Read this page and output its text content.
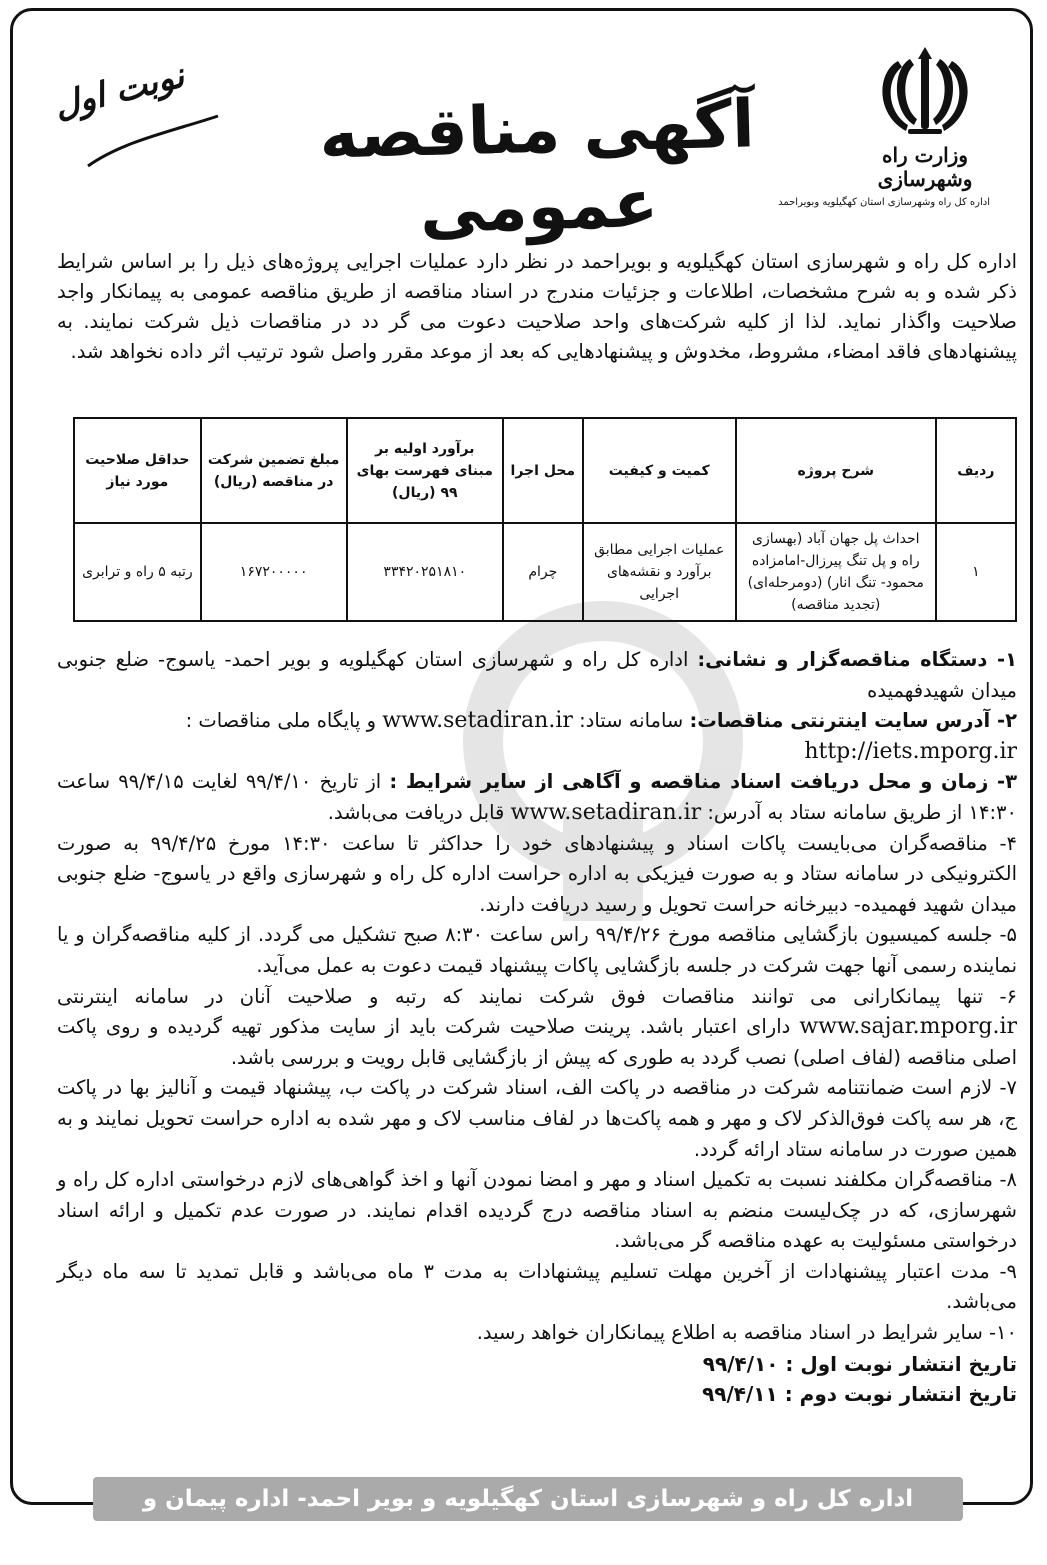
وزارت راه وشهرسازی
اداره کل راه وشهرسازی استان کهگیلویه وبویراحمد
آگهی مناقصه عمومی
نوبت اول
اداره کل راه و شهرسازی استان کهگیلویه و بویراحمد در نظر دارد عملیات اجرایی پروژه‌های ذیل را بر اساس شرایط ذکر شده و به شرح مشخصات، اطلاعات و جزئیات مندرج در اسناد مناقصه از طریق مناقصه عمومی به پیمانکار واجد صلاحیت واگذار نماید. لذا از کلیه شرکت‌های واحد صلاحیت دعوت می گر دد در مناقصات ذیل شرکت نمایند. به پیشنهادهای فاقد امضاء، مشروط، مخدوش و پیشنهادهایی که بعد از موعد مقرر واصل شود ترتیب اثر داده نخواهد شد.
ردیف	شرح پروژه	کمیت و کیفیت	محل اجرا	برآورد اولیه بر مبنای فهرست بهای ۹۹ (ریال)	مبلغ تضمین شرکت در مناقصه (ریال)	حداقل صلاحیت مورد نیاز
۱	احداث پل جهان آباد (بهسازی راه و پل تنگ پیرزال-امامزاده محمود- تنگ انار) (دومرحله‌ای)(تجدید مناقصه)	عملیات اجرایی مطابق برآورد و نقشه‌های اجرایی	چرام	۳۳۴۲۰۲۵۱۸۱۰	۱۶۷۲۰۰۰۰۰	رتبه ۵ راه و ترابری

۱- دستگاه مناقصه‌گزار و نشانی: اداره کل راه و شهرسازی استان کهگیلویه و بویر احمد- یاسوج- ضلع جنوبی میدان شهیدفهمیده

۲- آدرس سایت اینترنتی مناقصات: سامانه ستاد: www.setadiran.ir و پایگاه ملی مناقصات :
http://iets.mporg.ir

۳- زمان و محل دریافت اسناد مناقصه و آگاهی از سایر شرایط : از تاریخ ۹۹/۴/۱۰ لغایت ۹۹/۴/۱۵ ساعت ۱۴:۳۰ از طریق سامانه ستاد به آدرس: www.setadiran.ir قابل دریافت می‌باشد.

۴- مناقصه‌گران می‌بایست پاکات اسناد و پیشنهادهای خود را حداکثر تا ساعت ۱۴:۳۰ مورخ ۹۹/۴/۲۵ به صورت الکترونیکی در سامانه ستاد و به صورت فیزیکی به اداره حراست اداره کل راه و شهرسازی واقع در یاسوج- ضلع جنوبی میدان شهید فهمیده- دبیرخانه حراست تحویل و رسید دریافت دارند.

۵- جلسه کمیسیون بازگشایی مناقصه مورخ ۹۹/۴/۲۶ راس ساعت ۸:۳۰ صبح تشکیل می گردد. از کلیه مناقصه‌گران و یا نماینده رسمی آنها جهت شرکت در جلسه بازگشایی پاکات پیشنهاد قیمت دعوت به عمل می‌آید.

۶- تنها پیمانکارانی می توانند مناقصات فوق شرکت نمایند که رتبه و صلاحیت آنان در سامانه اینترنتی www.sajar.mporg.ir دارای اعتبار باشد. پرینت صلاحیت شرکت باید از سایت مذکور تهیه گردیده و روی پاکت اصلی مناقصه (لفاف اصلی) نصب گردد به طوری که پیش از بازگشایی قابل رویت و بررسی باشد.

۷- لازم است ضمانتنامه شرکت در مناقصه در پاکت الف، اسناد شرکت در پاکت ب، پیشنهاد قیمت و آنالیز بها در پاکت ج، هر سه پاکت فوق‌الذکر لاک و مهر و همه پاکت‌ها در لفاف مناسب لاک و مهر شده به اداره حراست تحویل نمایند و به همین صورت در سامانه ستاد ارائه گردد.

۸- مناقصه‌گران مکلفند نسبت به تکمیل اسناد و مهر و امضا نمودن آنها و اخذ گواهی‌های لازم درخواستی اداره کل راه و شهرسازی، که در چک‌لیست منضم به اسناد مناقصه درج گردیده اقدام نمایند. در صورت عدم تکمیل و ارائه اسناد درخواستی مسئولیت به عهده مناقصه گر می‌باشد.

۹- مدت اعتبار پیشنهادات از آخرین مهلت تسلیم پیشنهادات به مدت ۳ ماه می‌باشد و قابل تمدید تا سه ماه دیگر می‌باشد.

۱۰- سایر شرایط در اسناد مناقصه به اطلاع پیمانکاران خواهد رسید.

تاریخ انتشار نوبت اول : ۹۹/۴/۱۰

تاریخ انتشار نوبت دوم : ۹۹/۴/۱۱

اداره کل راه و شهرسازی استان کهگیلویه و بویر احمد- اداره پیمان و رسیدگی
